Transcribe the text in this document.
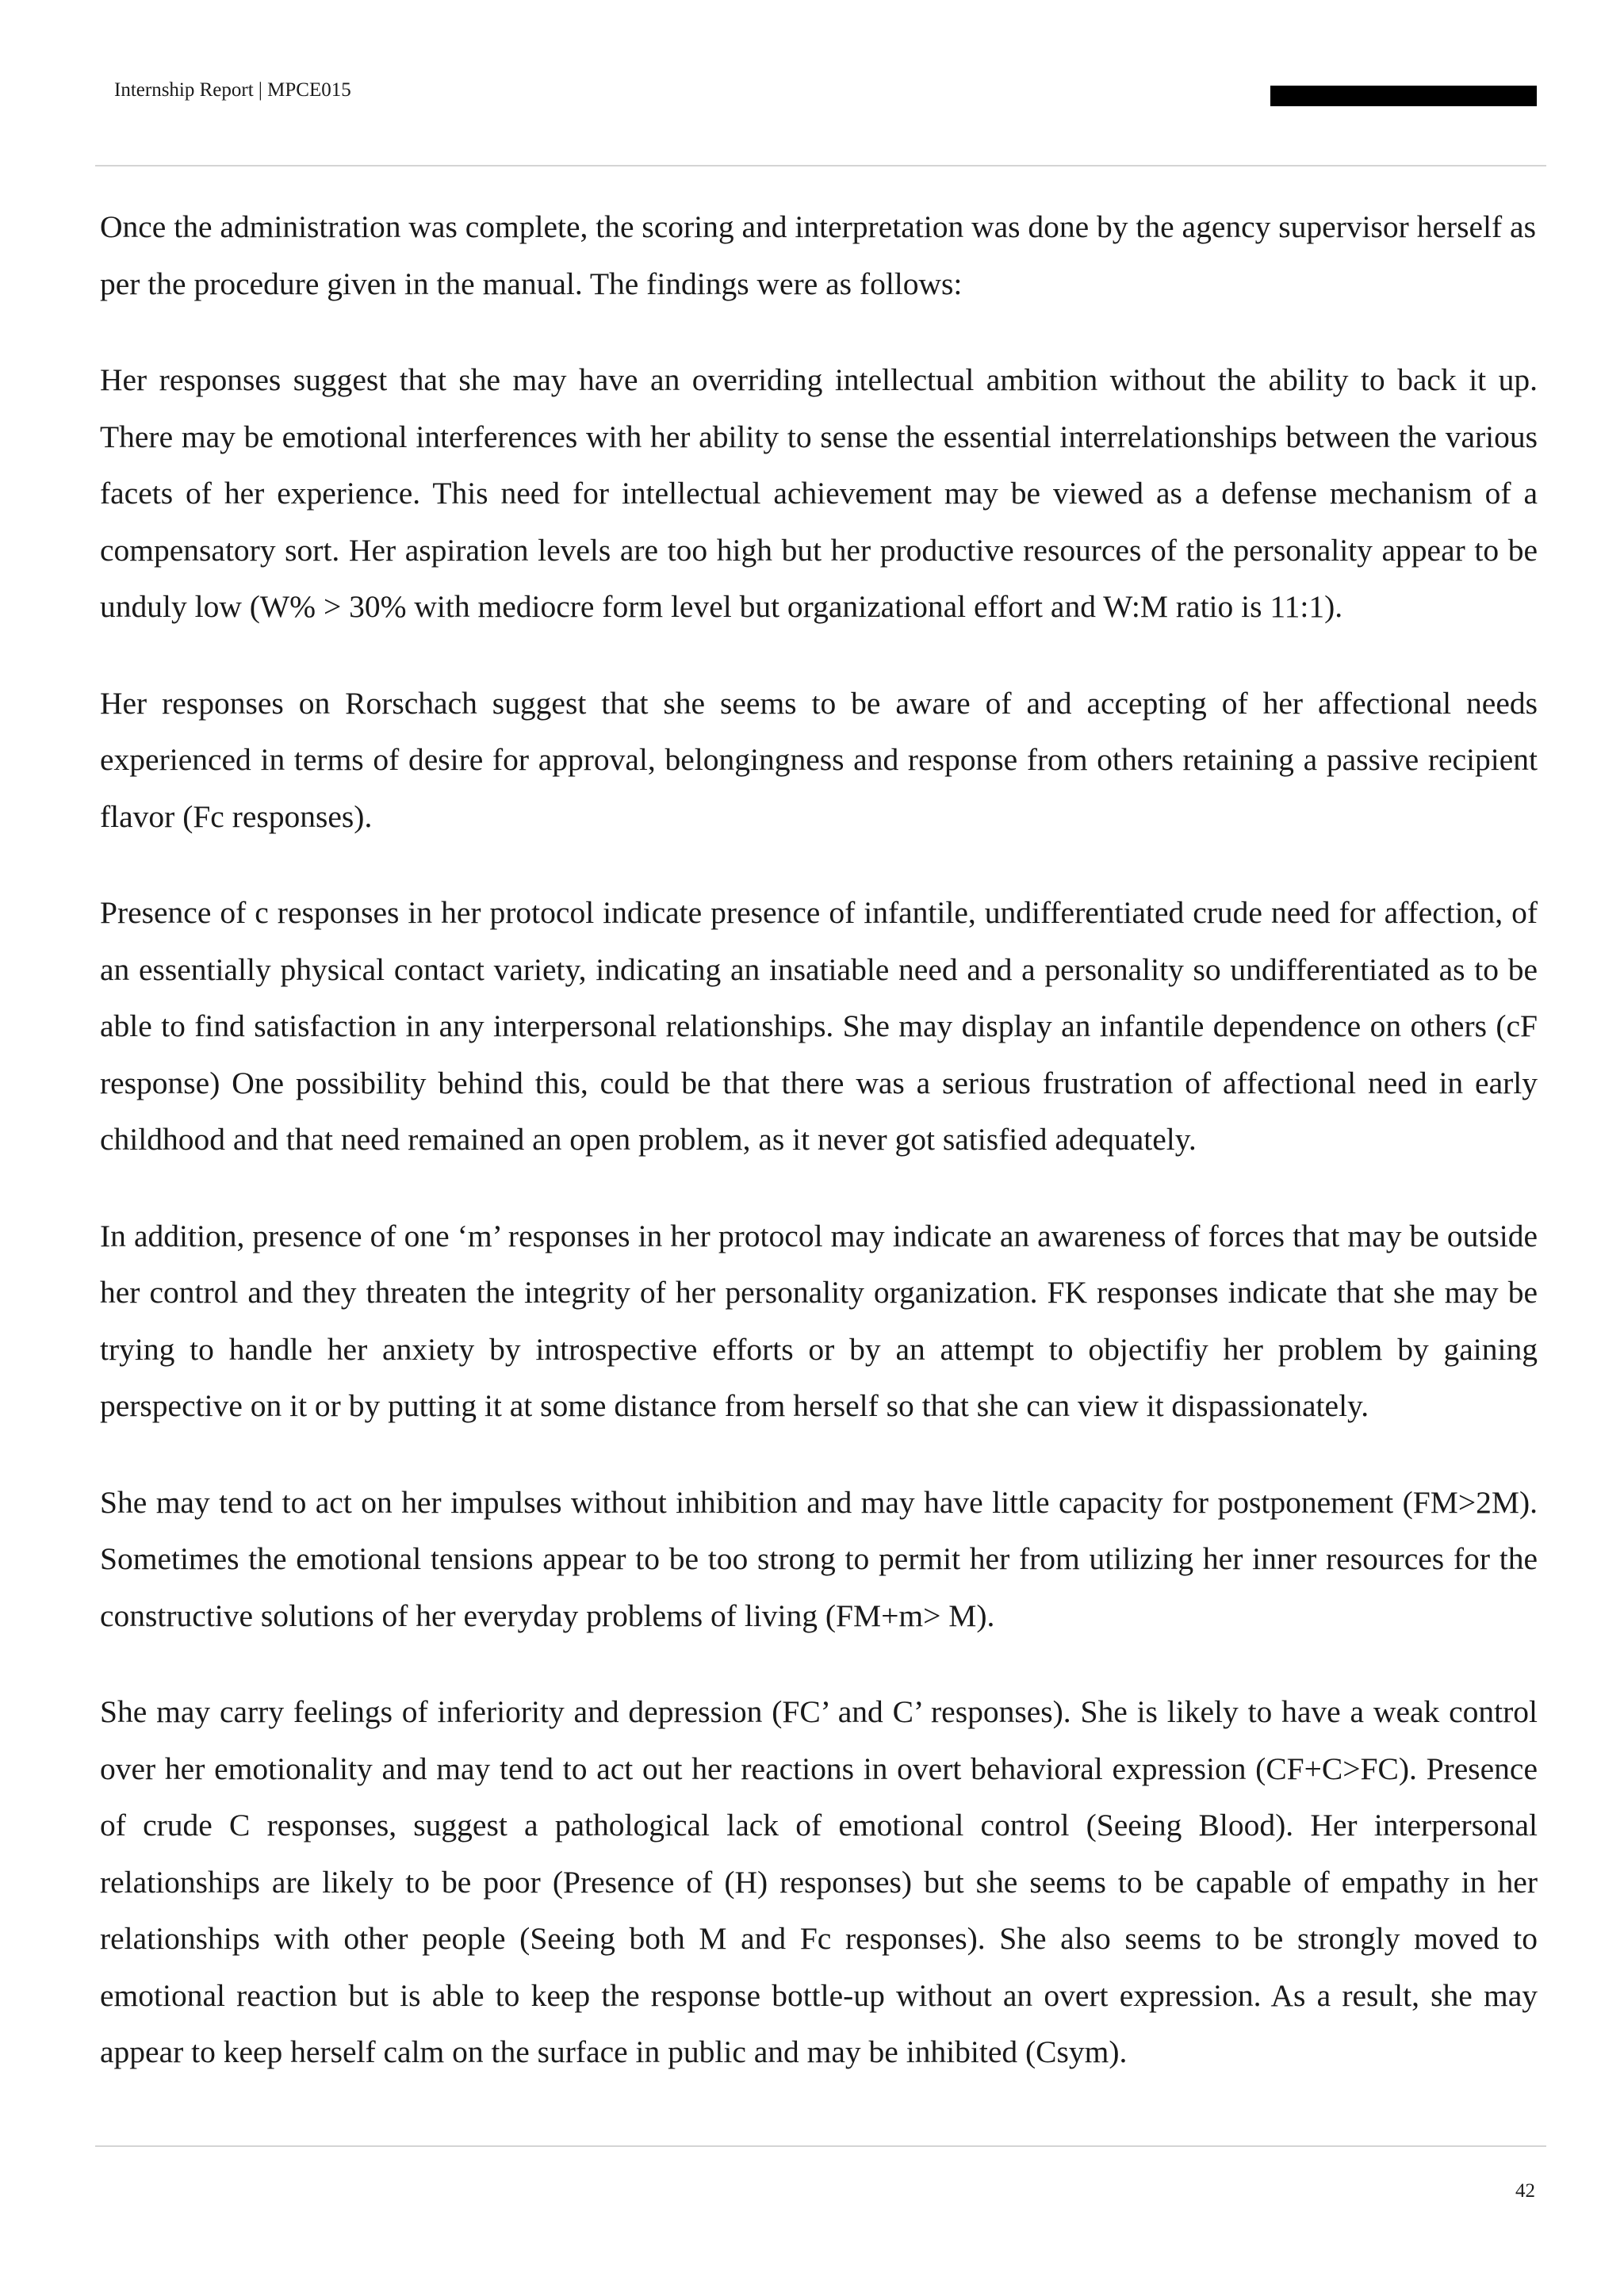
Internship Report | MPCE015

Once the administration was complete, the scoring and interpretation was done by the agency supervisor herself as per the procedure given in the manual. The findings were as follows:

Her responses suggest that she may have an overriding intellectual ambition without the ability to back it up. There may be emotional interferences with her ability to sense the essential interrelationships between the various facets of her experience. This need for intellectual achievement may be viewed as a defense mechanism of a compensatory sort. Her aspiration levels are too high but her productive resources of the personality appear to be unduly low (W% > 30% with mediocre form level but organizational effort and W:M ratio is 11:1).

Her responses on Rorschach suggest that she seems to be aware of and accepting of her affectional needs experienced in terms of desire for approval, belongingness and response from others retaining a passive recipient flavor (Fc responses).

Presence of c responses in her protocol indicate presence of infantile, undifferentiated crude need for affection, of an essentially physical contact variety, indicating an insatiable need and a personality so undifferentiated as to be able to find satisfaction in any interpersonal relationships. She may display an infantile dependence on others (cF response) One possibility behind this, could be that there was a serious frustration of affectional need in early childhood and that need remained an open problem, as it never got satisfied adequately.

In addition, presence of one ‘m’ responses in her protocol may indicate an awareness of forces that may be outside her control and they threaten the integrity of her personality organization. FK responses indicate that she may be trying to handle her anxiety by introspective efforts or by an attempt to objectifiy her problem by gaining perspective on it or by putting it at some distance from herself so that she can view it dispassionately.

She may tend to act on her impulses without inhibition and may have little capacity for postponement (FM>2M). Sometimes the emotional tensions appear to be too strong to permit her from utilizing her inner resources for the constructive solutions of her everyday problems of living (FM+m> M).

She may carry feelings of inferiority and depression (FC’ and C’ responses). She is likely to have a weak control over her emotionality and may tend to act out her reactions in overt behavioral expression (CF+C>FC). Presence of crude C responses, suggest a pathological lack of emotional control (Seeing Blood). Her interpersonal relationships are likely to be poor (Presence of (H) responses) but she seems to be capable of empathy in her relationships with other people (Seeing both M and Fc responses). She also seems to be strongly moved to emotional reaction but is able to keep the response bottle-up without an overt expression. As a result, she may appear to keep herself calm on the surface in public and may be inhibited (Csym).

42
